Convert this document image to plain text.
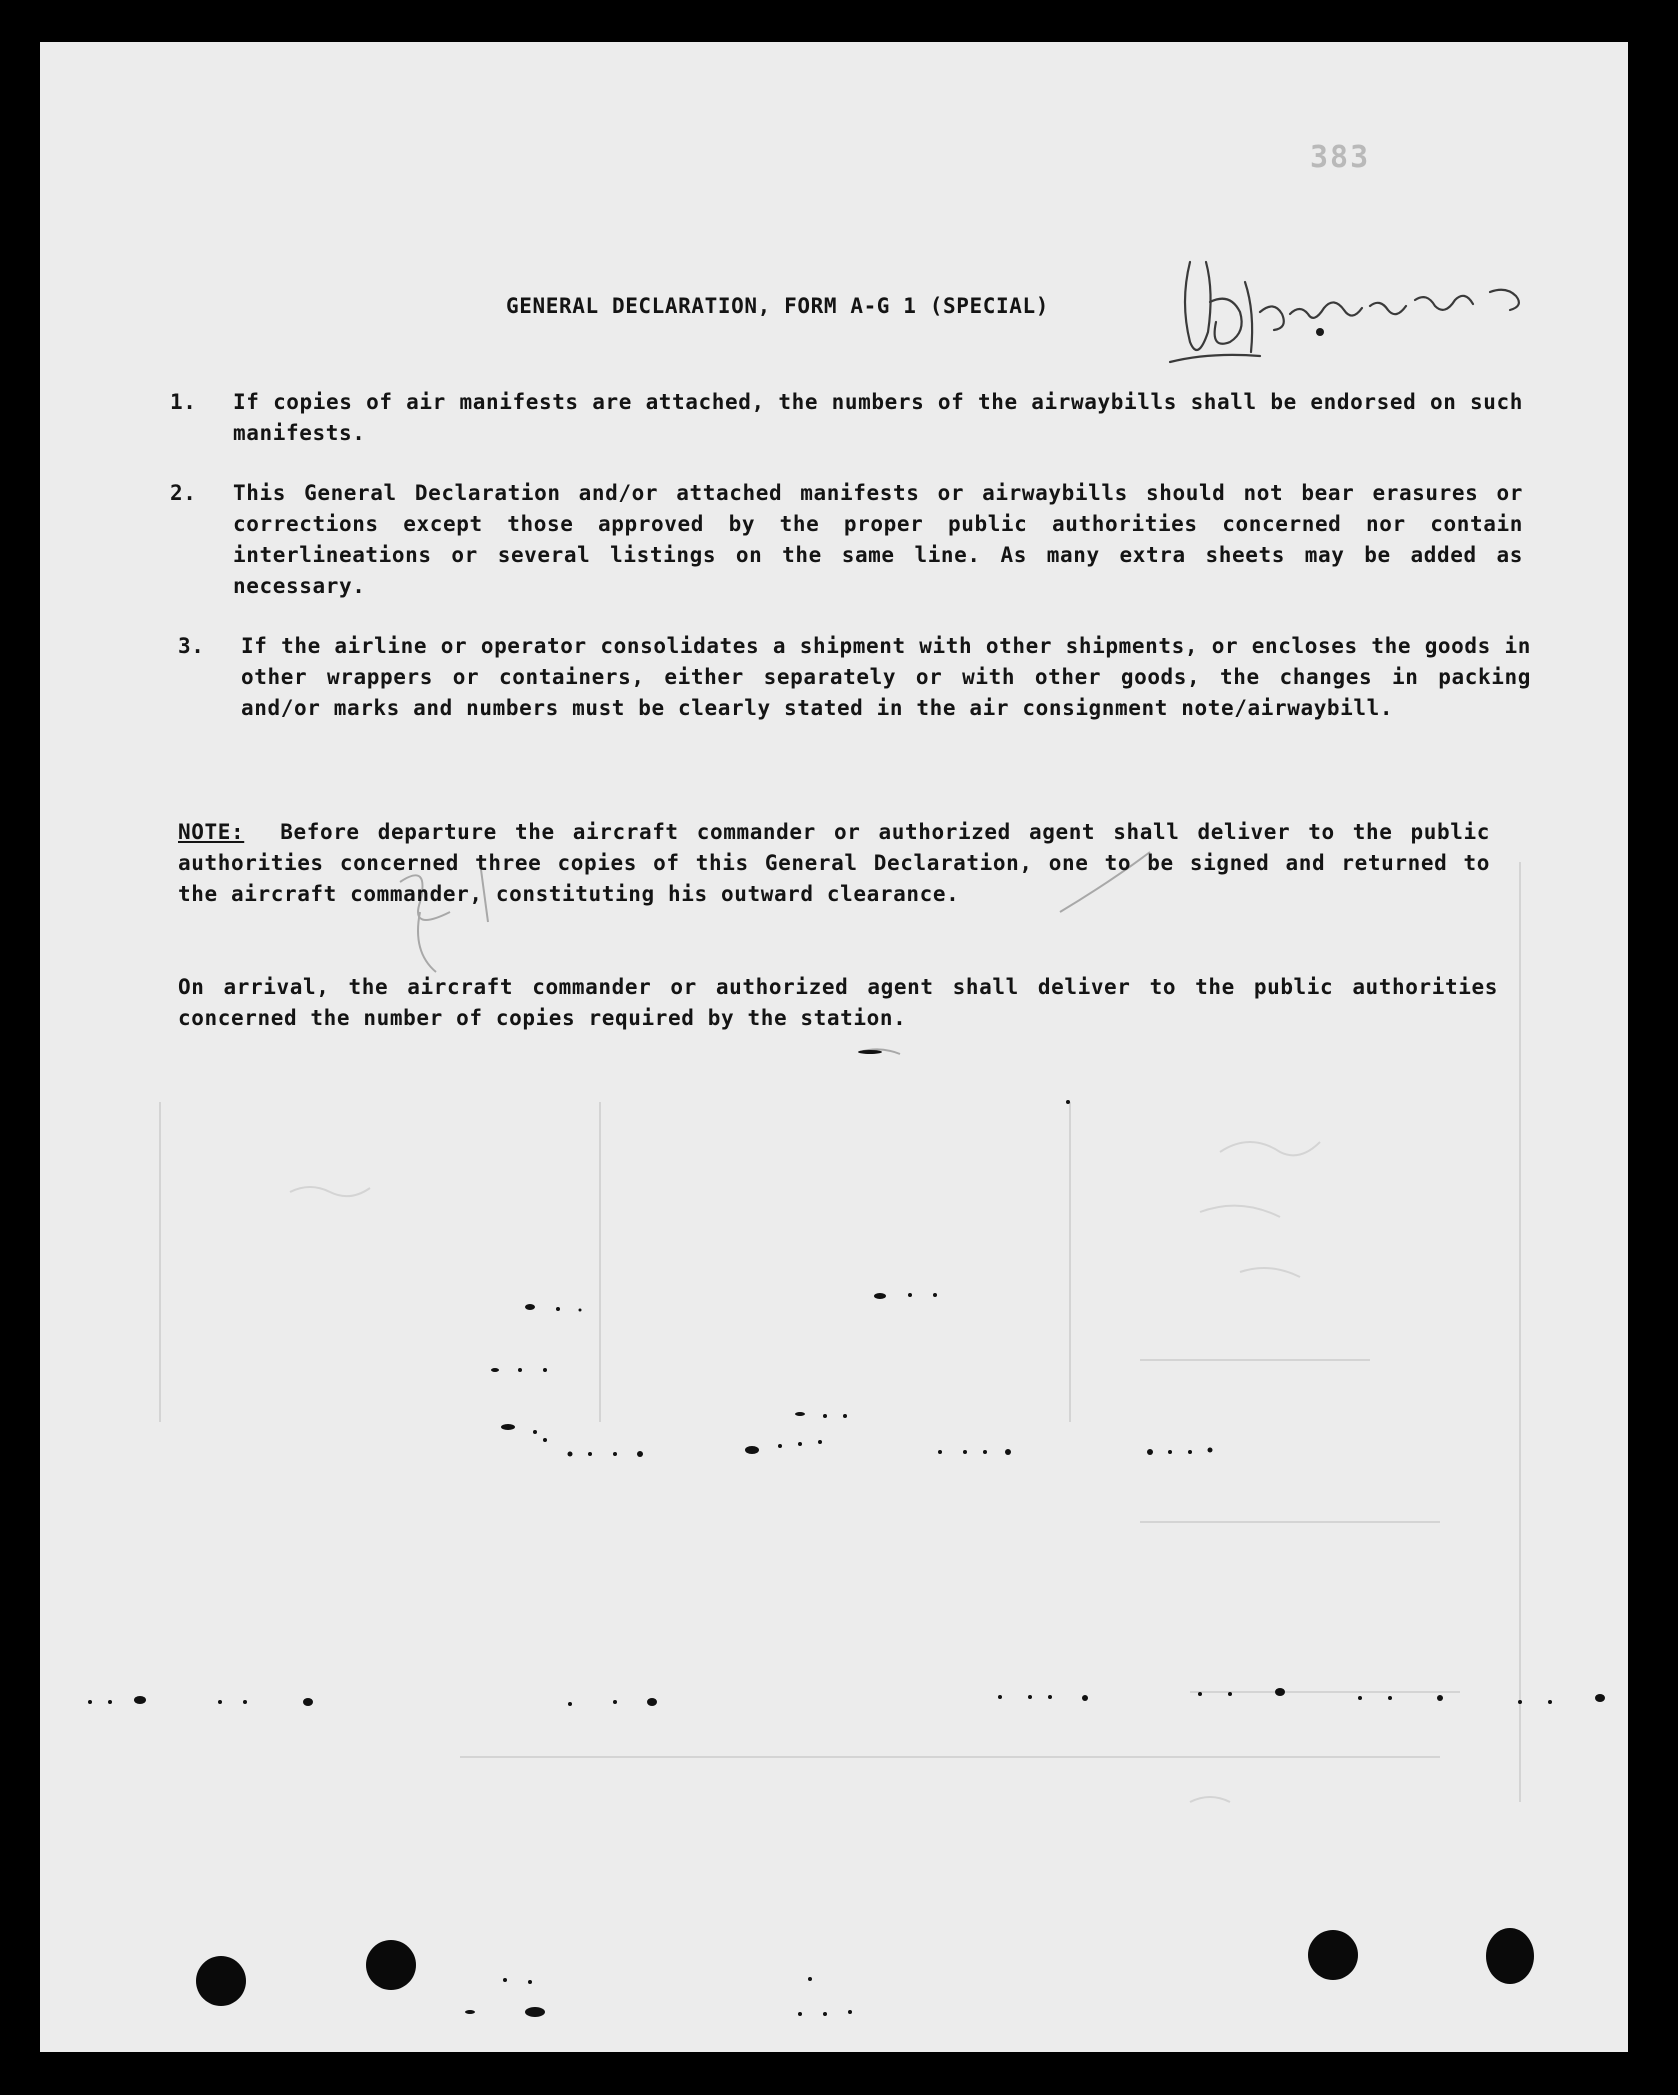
383
GENERAL DECLARATION, FORM A-G 1 (SPECIAL)
1. If copies of air manifests are attached, the numbers of the airwaybills shall be endorsed on such manifests.
2. This General Declaration and/or attached manifests or airwaybills should not bear erasures or corrections except those approved by the proper public authorities concerned nor contain interlineations or several listings on the same line. As many extra sheets may be added as necessary.
3. If the airline or operator consolidates a shipment with other shipments, or encloses the goods in other wrappers or containers, either separately or with other goods, the changes in packing and/or marks and numbers must be clearly stated in the air consignment note/airwaybill.
NOTE: Before departure the aircraft commander or authorized agent shall deliver to the public authorities concerned three copies of this General Declaration, one to be signed and returned to the aircraft commander, constituting his outward clearance.
On arrival, the aircraft commander or authorized agent shall deliver to the public authorities concerned the number of copies required by the station.
